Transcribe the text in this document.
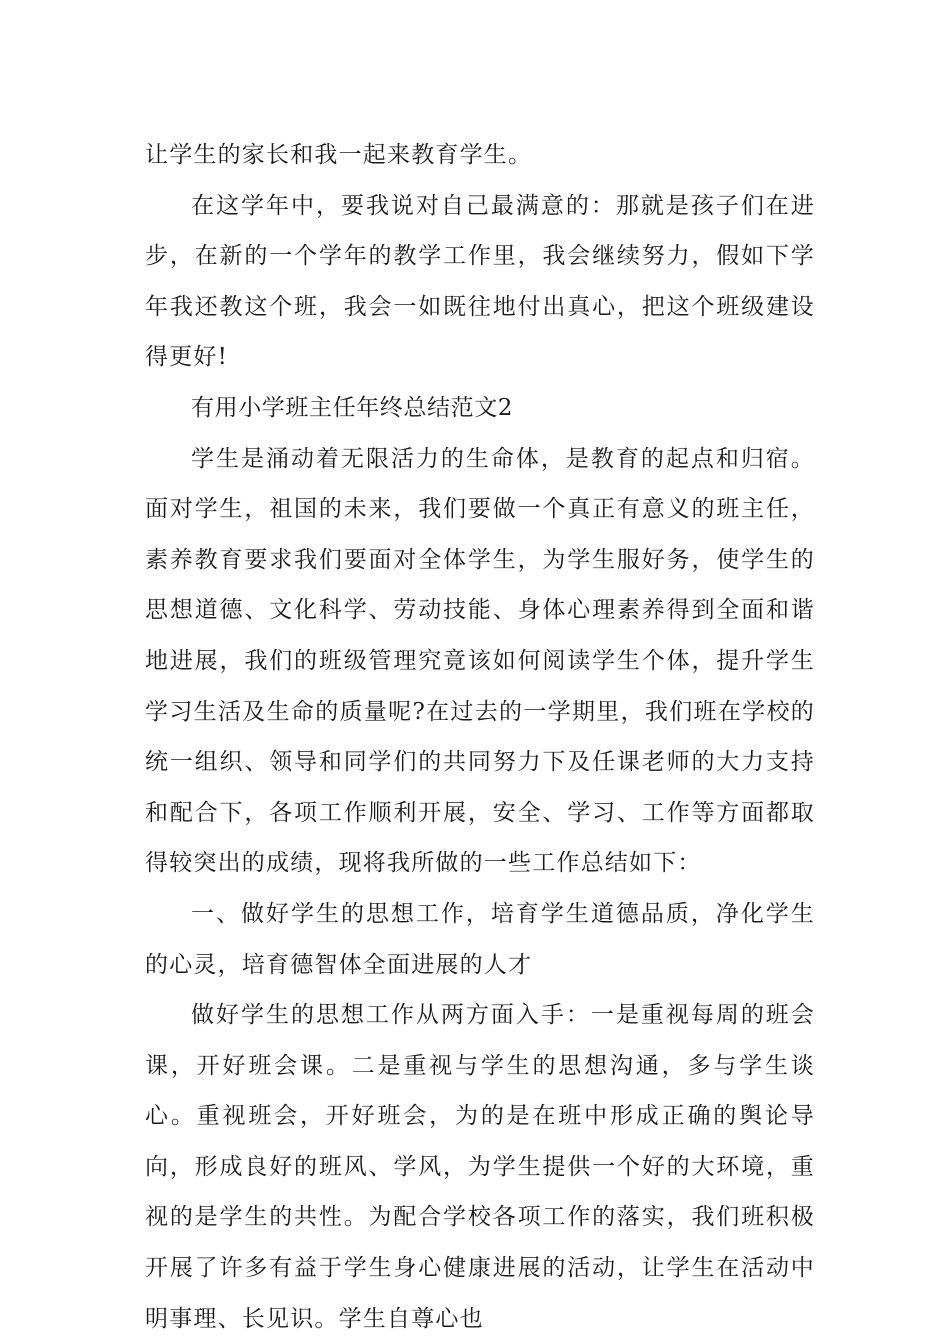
让学生的家长和我一起来教育学生。

在这学年中，要我说对自己最满意的：那就是孩子们在进步，在新的一个学年的教学工作里，我会继续努力，假如下学年我还教这个班，我会一如既往地付出真心，把这个班级建设得更好!

有用小学班主任年终总结范文2

学生是涌动着无限活力的生命体，是教育的起点和归宿。面对学生，祖国的未来，我们要做一个真正有意义的班主任，素养教育要求我们要面对全体学生，为学生服好务，使学生的思想道德、文化科学、劳动技能、身体心理素养得到全面和谐地进展，我们的班级管理究竟该如何阅读学生个体，提升学生学习生活及生命的质量呢?在过去的一学期里，我们班在学校的统一组织、领导和同学们的共同努力下及任课老师的大力支持和配合下，各项工作顺利开展，安全、学习、工作等方面都取得较突出的成绩，现将我所做的一些工作总结如下：

一、做好学生的思想工作，培育学生道德品质，净化学生的心灵，培育德智体全面进展的人才

做好学生的思想工作从两方面入手：一是重视每周的班会课，开好班会课。二是重视与学生的思想沟通，多与学生谈心。重视班会，开好班会，为的是在班中形成正确的舆论导向，形成良好的班风、学风，为学生提供一个好的大环境，重视的是学生的共性。为配合学校各项工作的落实，我们班积极开展了许多有益于学生身心健康进展的活动，让学生在活动中明事理、长见识。学生自尊心也
